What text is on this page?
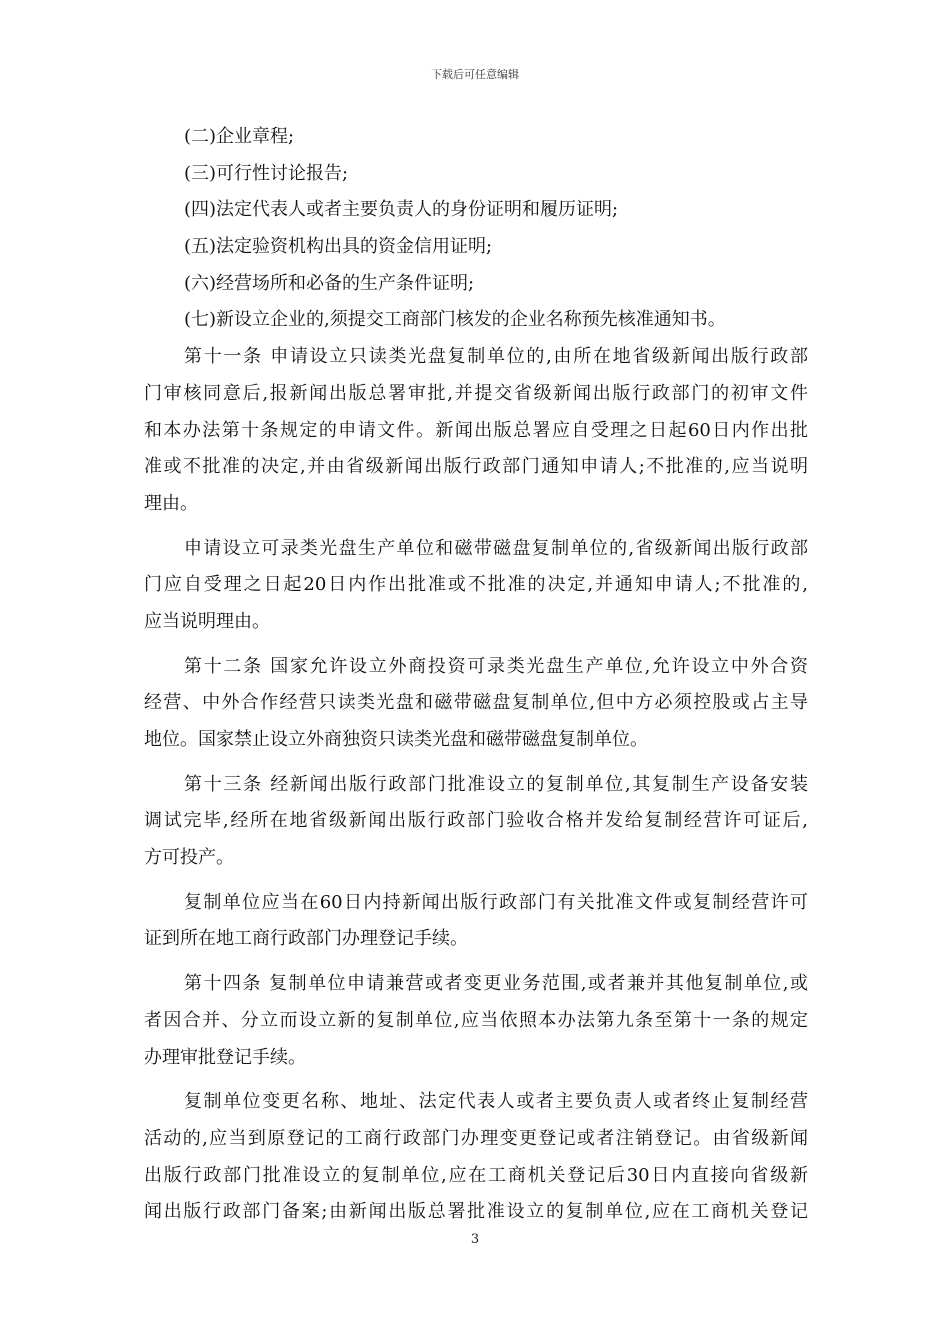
下载后可任意编辑
(二)企业章程;
(三)可行性讨论报告;
(四)法定代表人或者主要负责人的身份证明和履历证明;
(五)法定验资机构出具的资金信用证明;
(六)经营场所和必备的生产条件证明;
(七)新设立企业的,须提交工商部门核发的企业名称预先核准通知书。
第十一条 申请设立只读类光盘复制单位的,由所在地省级新闻出版行政部
门审核同意后,报新闻出版总署审批,并提交省级新闻出版行政部门的初审文件
和本办法第十条规定的申请文件。新闻出版总署应自受理之日起60日内作出批
准或不批准的决定,并由省级新闻出版行政部门通知申请人;不批准的,应当说明
理由。
申请设立可录类光盘生产单位和磁带磁盘复制单位的,省级新闻出版行政部
门应自受理之日起20日内作出批准或不批准的决定,并通知申请人;不批准的,
应当说明理由。
第十二条 国家允许设立外商投资可录类光盘生产单位,允许设立中外合资
经营、中外合作经营只读类光盘和磁带磁盘复制单位,但中方必须控股或占主导
地位。国家禁止设立外商独资只读类光盘和磁带磁盘复制单位。
第十三条 经新闻出版行政部门批准设立的复制单位,其复制生产设备安装
调试完毕,经所在地省级新闻出版行政部门验收合格并发给复制经营许可证后,
方可投产。
复制单位应当在60日内持新闻出版行政部门有关批准文件或复制经营许可
证到所在地工商行政部门办理登记手续。
第十四条 复制单位申请兼营或者变更业务范围,或者兼并其他复制单位,或
者因合并、分立而设立新的复制单位,应当依照本办法第九条至第十一条的规定
办理审批登记手续。
复制单位变更名称、地址、法定代表人或者主要负责人或者终止复制经营
活动的,应当到原登记的工商行政部门办理变更登记或者注销登记。由省级新闻
出版行政部门批准设立的复制单位,应在工商机关登记后30日内直接向省级新
闻出版行政部门备案;由新闻出版总署批准设立的复制单位,应在工商机关登记
3
